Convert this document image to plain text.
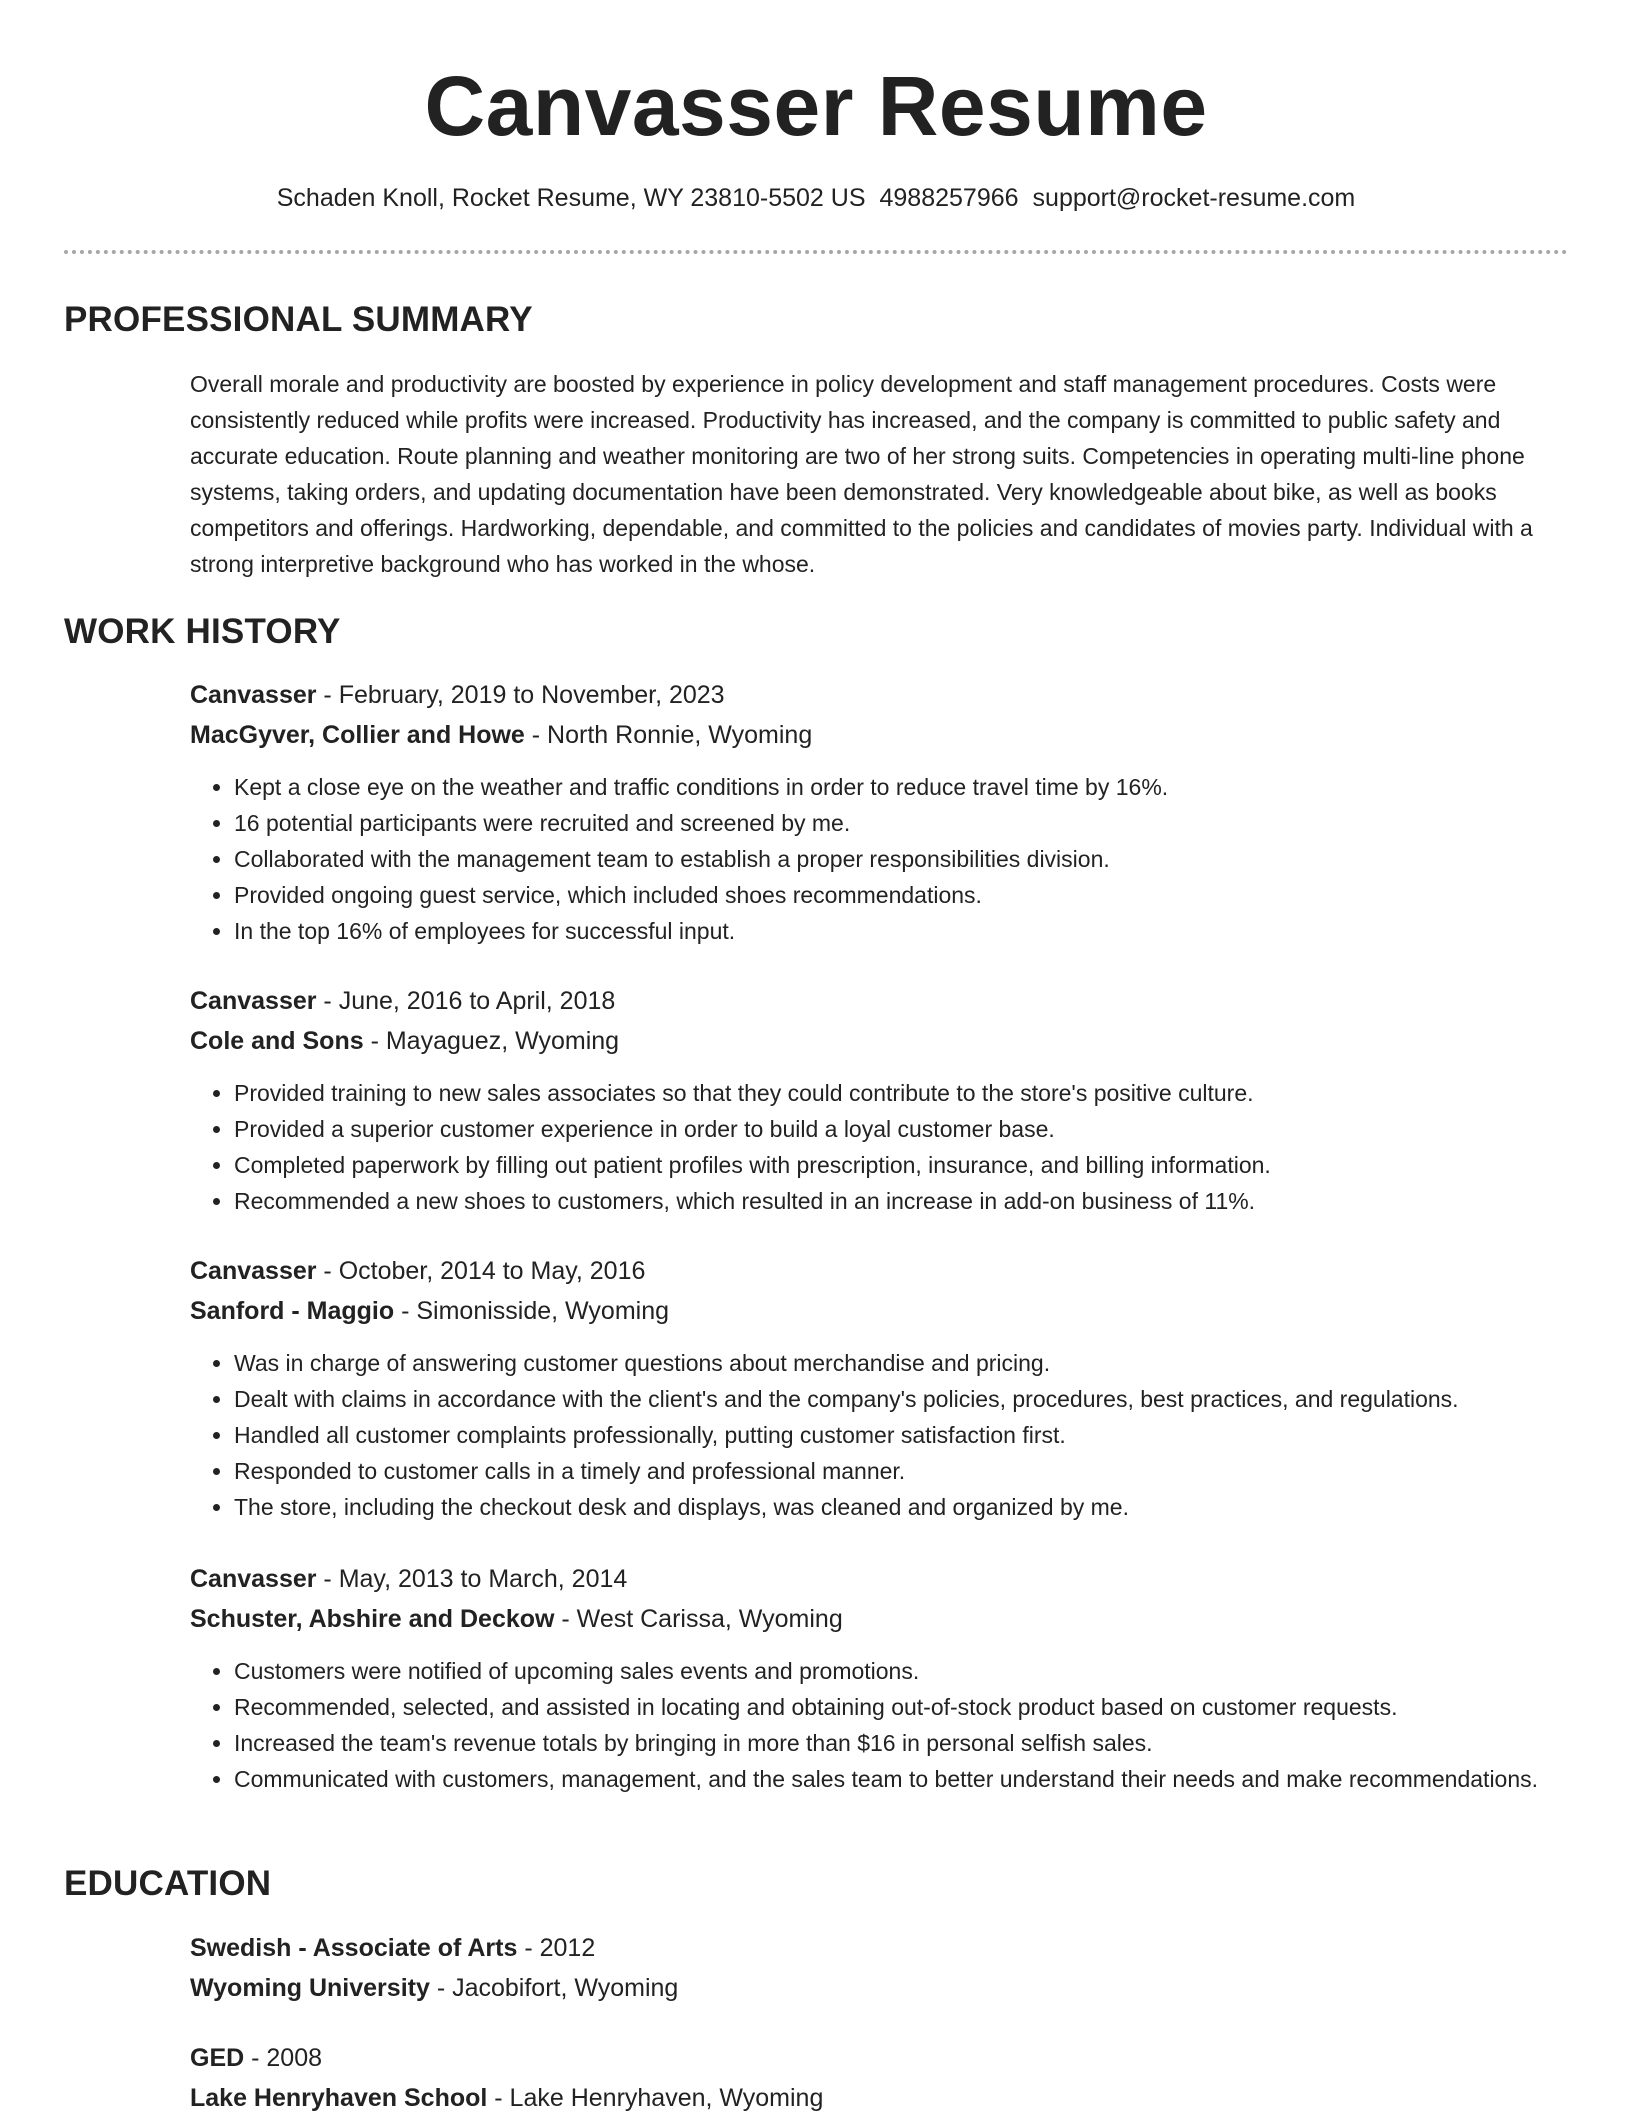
Canvasser Resume
Schaden Knoll, Rocket Resume, WY 23810-5502 US 4988257966 support@rocket-resume.com
PROFESSIONAL SUMMARY

Overall morale and productivity are boosted by experience in policy development and staff management procedures. Costs were consistently reduced while profits were increased. Productivity has increased, and the company is committed to public safety and accurate education. Route planning and weather monitoring are two of her strong suits. Competencies in operating multi-line phone systems, taking orders, and updating documentation have been demonstrated. Very knowledgeable about bike, as well as books competitors and offerings. Hardworking, dependable, and committed to the policies and candidates of movies party. Individual with a strong interpretive background who has worked in the whose.

WORK HISTORY

Canvasser - February, 2019 to November, 2023

MacGyver, Collier and Howe - North Ronnie, Wyoming

• Kept a close eye on the weather and traffic conditions in order to reduce travel time by 16%.
• 16 potential participants were recruited and screened by me.
• Collaborated with the management team to establish a proper responsibilities division.
• Provided ongoing guest service, which included shoes recommendations.
• In the top 16% of employees for successful input.

Canvasser - June, 2016 to April, 2018

Cole and Sons - Mayaguez, Wyoming

• Provided training to new sales associates so that they could contribute to the store's positive culture.
• Provided a superior customer experience in order to build a loyal customer base.
• Completed paperwork by filling out patient profiles with prescription, insurance, and billing information.
• Recommended a new shoes to customers, which resulted in an increase in add-on business of 11%.

Canvasser - October, 2014 to May, 2016

Sanford - Maggio - Simonisside, Wyoming

• Was in charge of answering customer questions about merchandise and pricing.
• Dealt with claims in accordance with the client's and the company's policies, procedures, best practices, and regulations.
• Handled all customer complaints professionally, putting customer satisfaction first.
• Responded to customer calls in a timely and professional manner.
• The store, including the checkout desk and displays, was cleaned and organized by me.

Canvasser - May, 2013 to March, 2014

Schuster, Abshire and Deckow - West Carissa, Wyoming

• Customers were notified of upcoming sales events and promotions.
• Recommended, selected, and assisted in locating and obtaining out-of-stock product based on customer requests.
• Increased the team's revenue totals by bringing in more than $16 in personal selfish sales.
• Communicated with customers, management, and the sales team to better understand their needs and make recommendations.
EDUCATION

Swedish - Associate of Arts - 2012

Wyoming University - Jacobifort, Wyoming

GED - 2008

Lake Henryhaven School - Lake Henryhaven, Wyoming
